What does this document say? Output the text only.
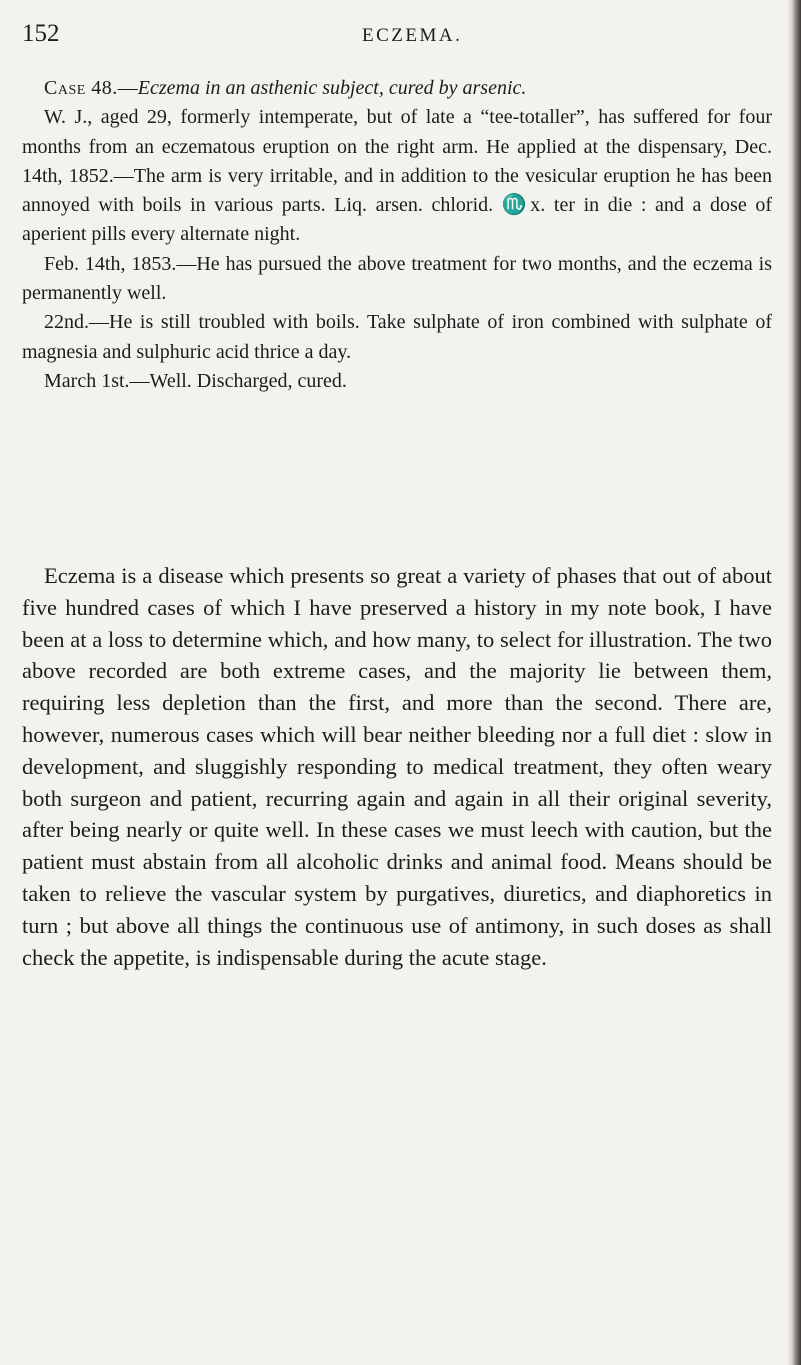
152	ECZEMA.

Case 48.—Eczema in an asthenic subject, cured by arsenic.

W. J., aged 29, formerly intemperate, but of late a “tee-totaller”, has suffered for four months from an eczematous eruption on the right arm. He applied at the dispensary, Dec. 14th, 1852.—The arm is very irritable, and in addition to the vesicular eruption he has been annoyed with boils in various parts. Liq. arsen. chlorid. ♏x. ter in die : and a dose of aperient pills every alternate night.

Feb. 14th, 1853.—He has pursued the above treatment for two months, and the eczema is permanently well.

22nd.—He is still troubled with boils. Take sulphate of iron combined with sulphate of magnesia and sulphuric acid thrice a day.

March 1st.—Well. Discharged, cured.

Eczema is a disease which presents so great a variety of phases that out of about five hundred cases of which I have preserved a history in my note book, I have been at a loss to determine which, and how many, to select for illustration. The two above recorded are both extreme cases, and the majority lie between them, requiring less depletion than the first, and more than the second. There are, however, numerous cases which will bear neither bleeding nor a full diet : slow in development, and sluggishly responding to medical treatment, they often weary both surgeon and patient, recurring again and again in all their original severity, after being nearly or quite well. In these cases we must leech with caution, but the patient must abstain from all alcoholic drinks and animal food. Means should be taken to relieve the vascular system by purgatives, diuretics, and diaphoretics in turn ; but above all things the continuous use of antimony, in such doses as shall check the appetite, is indispensable during the acute stage.
